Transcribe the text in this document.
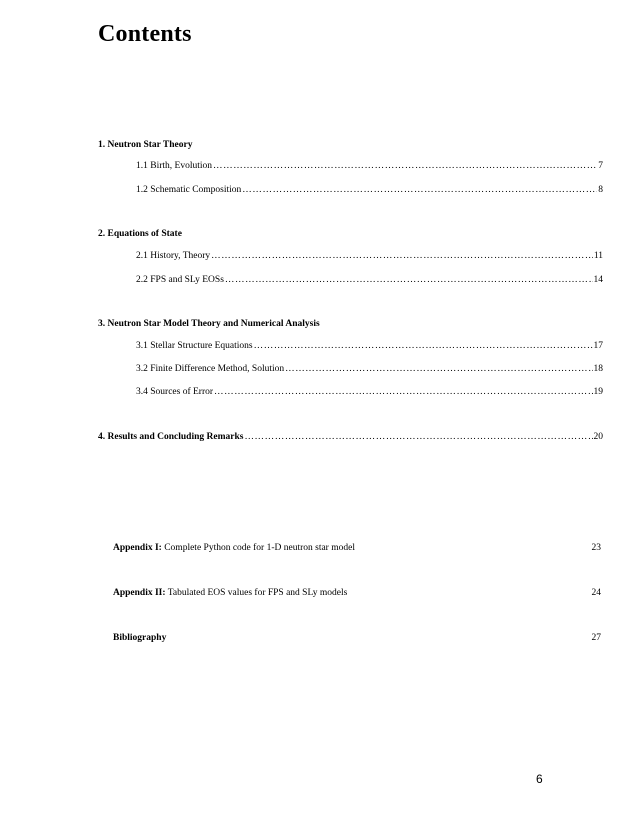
Contents
1. Neutron Star Theory
1.1 Birth, Evolution ……………………………………………………………………………………………………………………………………………………………………………………………………………………………………	7
1.2 Schematic Composition ……………………………………………………………………………………………………………………………………………………………………………………………………………………………………	8
2. Equations of State
2.1 History, Theory ……………………………………………………………………………………………………………………………………………………………………………………………………………………………………	11
2.2 FPS and SLy EOSs ……………………………………………………………………………………………………………………………………………………………………………………………………………………………………	14
3. Neutron Star Model Theory and Numerical Analysis
3.1 Stellar Structure Equations ……………………………………………………………………………………………………………………………………………………………………………………………………………………………………	17
3.2 Finite Difference Method, Solution ……………………………………………………………………………………………………………………………………………………………………………………………………………………………………	18
3.4 Sources of Error ……………………………………………………………………………………………………………………………………………………………………………………………………………………………………	19
4. Results and Concluding Remarks ……………………………………………………………………………………………………………………………………………………………………………………………………………………………………	20
Appendix I: Complete Python code for 1-D neutron star model	23
Appendix II: Tabulated EOS values for FPS and SLy models	24
Bibliography	27
6
